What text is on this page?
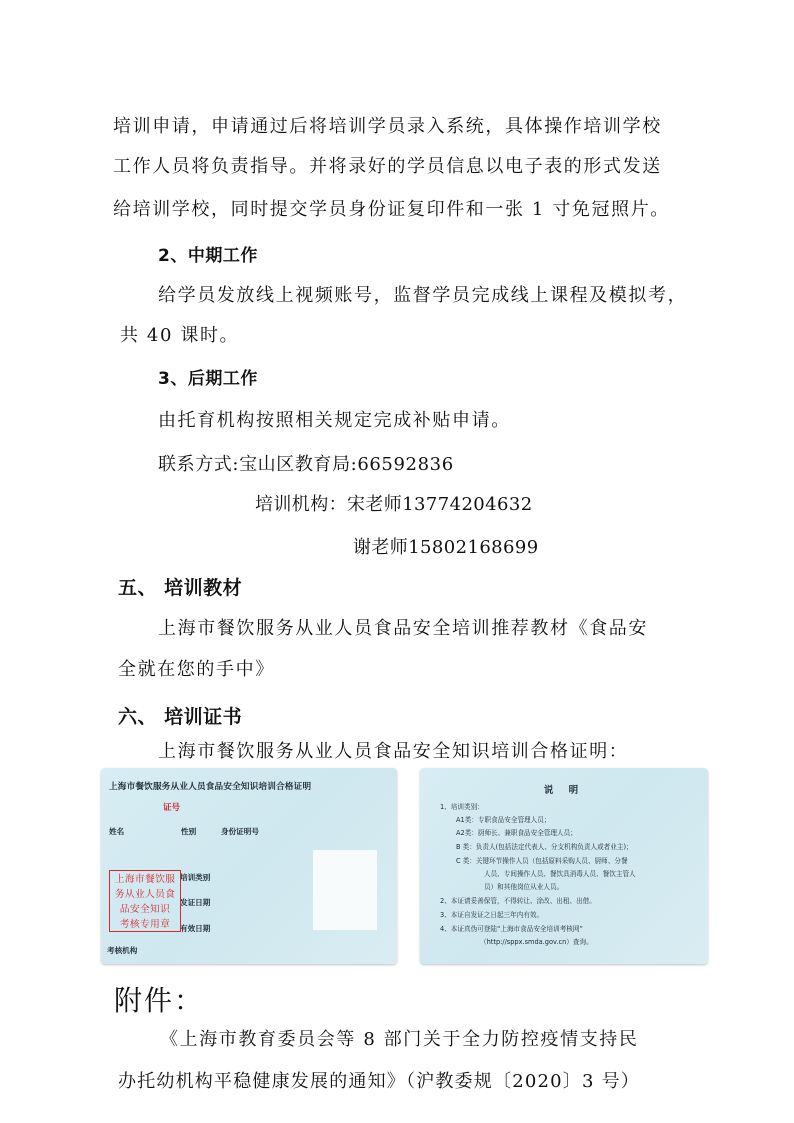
培训申请，申请通过后将培训学员录入系统，具体操作培训学校
工作人员将负责指导。并将录好的学员信息以电子表的形式发送
给培训学校，同时提交学员身份证复印件和一张 1 寸免冠照片。
2、中期工作
给学员发放线上视频账号，监督学员完成线上课程及模拟考，
共 40 课时。
3、后期工作
由托育机构按照相关规定完成补贴申请。
联系方式:宝山区教育局:66592836
培训机构：宋老师13774204632
谢老师15802168699
五、 培训教材
上海市餐饮服务从业人员食品安全培训推荐教材《食品安
全就在您的手中》
六、 培训证书
上海市餐饮服务从业人员食品安全知识培训合格证明：
上海市餐饮服务从业人员食品安全知识培训合格证明
证号
姓名	性别	身份证明号
培训类别
发证日期
有效日期
考核机构
上海市餐饮服
务从业人员食
品安全知识
考核专用章
说 明
1、培训类别：
A1类：专职食品安全管理人员；
A2类：厨师长、兼职食品安全管理人员；
B 类：负责人(包括法定代表人、分支机构负责人或者业主)；
C 类：关键环节操作人员（包括原料采购人员、厨师、分餐
人员、专间操作人员、餐饮具消毒人员、餐饮主管人
员）和其他岗位从业人员。
2、本证请妥善保管，不得转让、涂改、出租、出借。
3、本证自发证之日起三年内有效。
4、本证真伪可登陆“上海市食品安全培训考核网”
（http://sppx.smda.gov.cn）查询。
附件：
《上海市教育委员会等 8 部门关于全力防控疫情支持民
办托幼机构平稳健康发展的通知》（沪教委规〔2020〕3 号）
